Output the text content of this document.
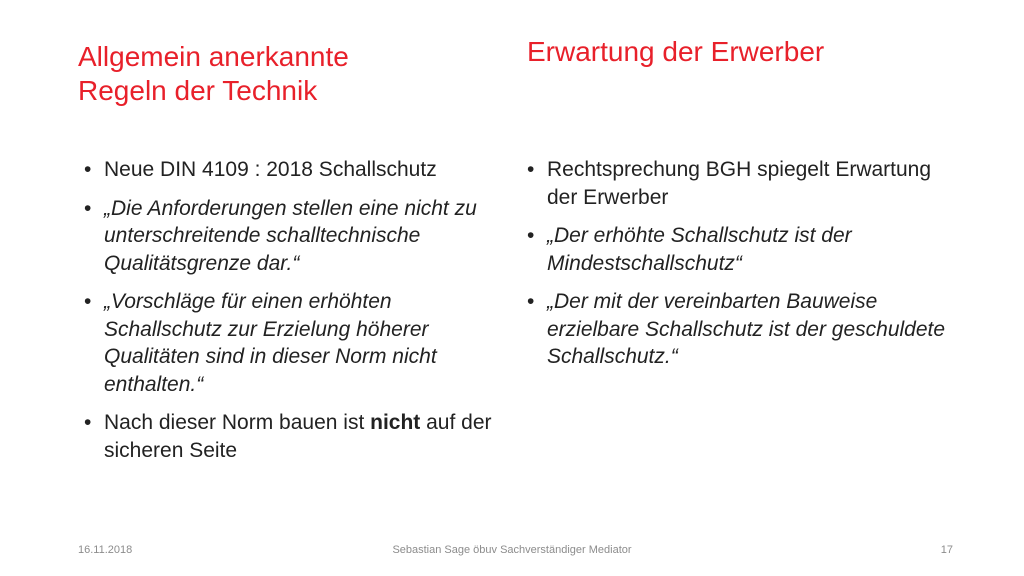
Allgemein anerkannte
Regeln der Technik
Erwartung der Erwerber
• Neue DIN 4109 : 2018 Schallschutz
• „Die Anforderungen stellen eine nicht zu unterschreitende schalltechnische Qualitätsgrenze dar.“
• „Vorschläge für einen erhöhten Schallschutz zur Erzielung höherer Qualitäten sind in dieser Norm nicht enthalten.“
• Nach dieser Norm bauen ist nicht auf der sicheren Seite
• Rechtsprechung BGH spiegelt Erwartung der Erwerber
• „Der erhöhte Schallschutz ist der Mindestschallschutz“
• „Der mit der vereinbarten Bauweise erzielbare Schallschutz ist der geschuldete Schallschutz.“
16.11.2018	Sebastian Sage öbuv Sachverständiger Mediator	17
